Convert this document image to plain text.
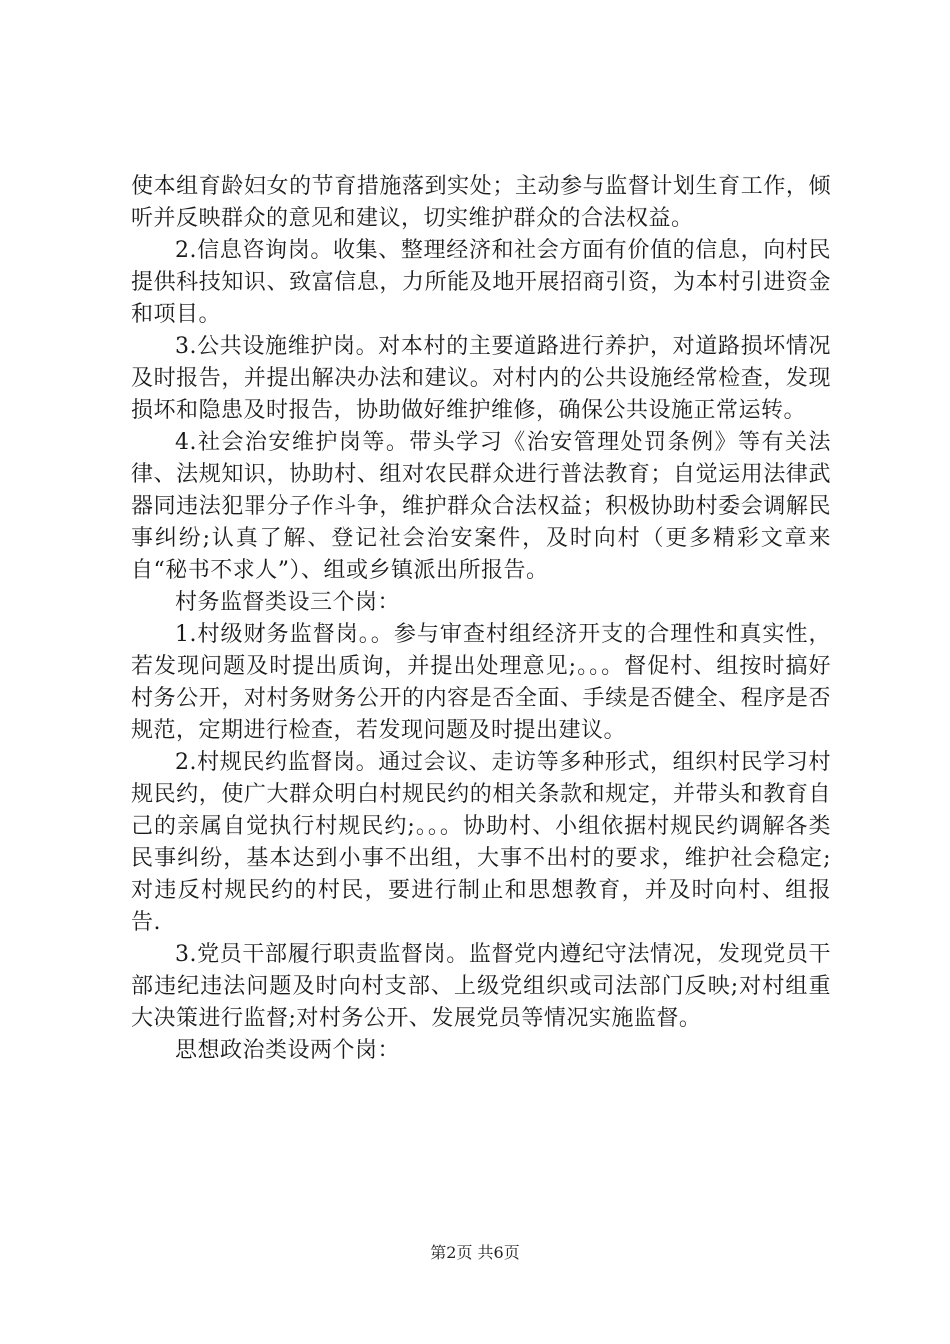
使本组育龄妇女的节育措施落到实处；主动参与监督计划生育工作，倾听并反映群众的意见和建议，切实维护群众的合法权益。

2.信息咨询岗。收集、整理经济和社会方面有价值的信息，向村民提供科技知识、致富信息，力所能及地开展招商引资，为本村引进资金和项目。

3.公共设施维护岗。对本村的主要道路进行养护，对道路损坏情况及时报告，并提出解决办法和建议。对村内的公共设施经常检查，发现损坏和隐患及时报告，协助做好维护维修，确保公共设施正常运转。

4.社会治安维护岗等。带头学习《治安管理处罚条例》等有关法律、法规知识，协助村、组对农民群众进行普法教育；自觉运用法律武器同违法犯罪分子作斗争，维护群众合法权益；积极协助村委会调解民事纠纷;认真了解、登记社会治安案件，及时向村（更多精彩文章来自“秘书不求人”）、组或乡镇派出所报告。

村务监督类设三个岗：

1.村级财务监督岗。。参与审查村组经济开支的合理性和真实性，若发现问题及时提出质询，并提出处理意见;。。。督促村、组按时搞好村务公开，对村务财务公开的内容是否全面、手续是否健全、程序是否规范，定期进行检查，若发现问题及时提出建议。

2.村规民约监督岗。通过会议、走访等多种形式，组织村民学习村规民约，使广大群众明白村规民约的相关条款和规定，并带头和教育自己的亲属自觉执行村规民约;。。。协助村、小组依据村规民约调解各类民事纠纷，基本达到小事不出组，大事不出村的要求，维护社会稳定;对违反村规民约的村民，要进行制止和思想教育，并及时向村、组报告.

3.党员干部履行职责监督岗。监督党内遵纪守法情况，发现党员干部违纪违法问题及时向村支部、上级党组织或司法部门反映;对村组重大决策进行监督;对村务公开、发展党员等情况实施监督。

思想政治类设两个岗：

第2页 共6页
